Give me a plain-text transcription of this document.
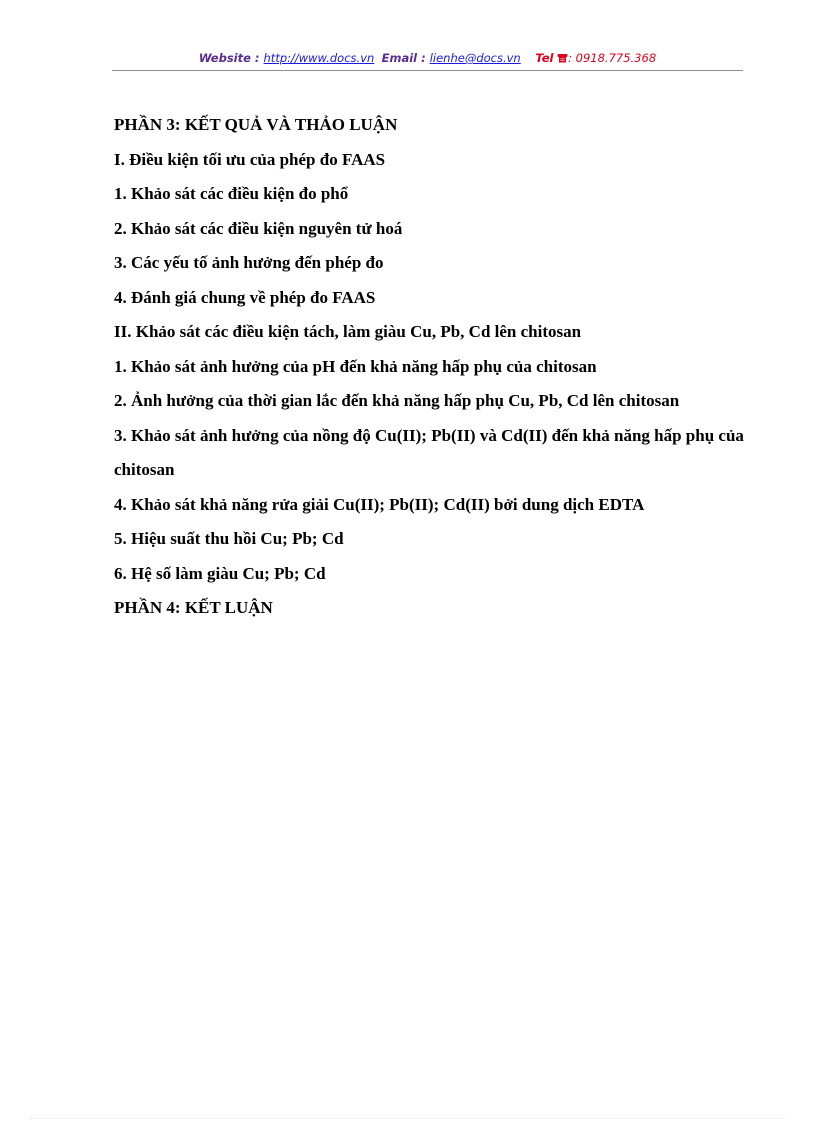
Website : http://www.docs.vn Email : lienhe@docs.vn Tel : 0918.775.368

PHẦN 3: KẾT QUẢ VÀ THẢO LUẬN

I. Điều kiện tối ưu của phép đo FAAS

1. Khảo sát các điều kiện đo phổ

2. Khảo sát các điều kiện nguyên tử hoá

3. Các yếu tố ảnh hưởng đến phép đo

4. Đánh giá chung về phép đo FAAS

II. Khảo sát các điều kiện tách, làm giàu Cu, Pb, Cd lên chitosan

1. Khảo sát ảnh hưởng của pH đến khả năng hấp phụ của chitosan

2. Ảnh hưởng của thời gian lắc đến khả năng hấp phụ Cu, Pb, Cd lên chitosan

3. Khảo sát ảnh hưởng của nồng độ Cu(II); Pb(II) và Cd(II) đến khả năng hấp phụ của chitosan

4. Khảo sát khả năng rửa giải Cu(II); Pb(II); Cd(II) bởi dung dịch EDTA

5. Hiệu suất thu hồi Cu; Pb; Cd

6. Hệ số làm giàu Cu; Pb; Cd

PHẦN 4: KẾT LUẬN
